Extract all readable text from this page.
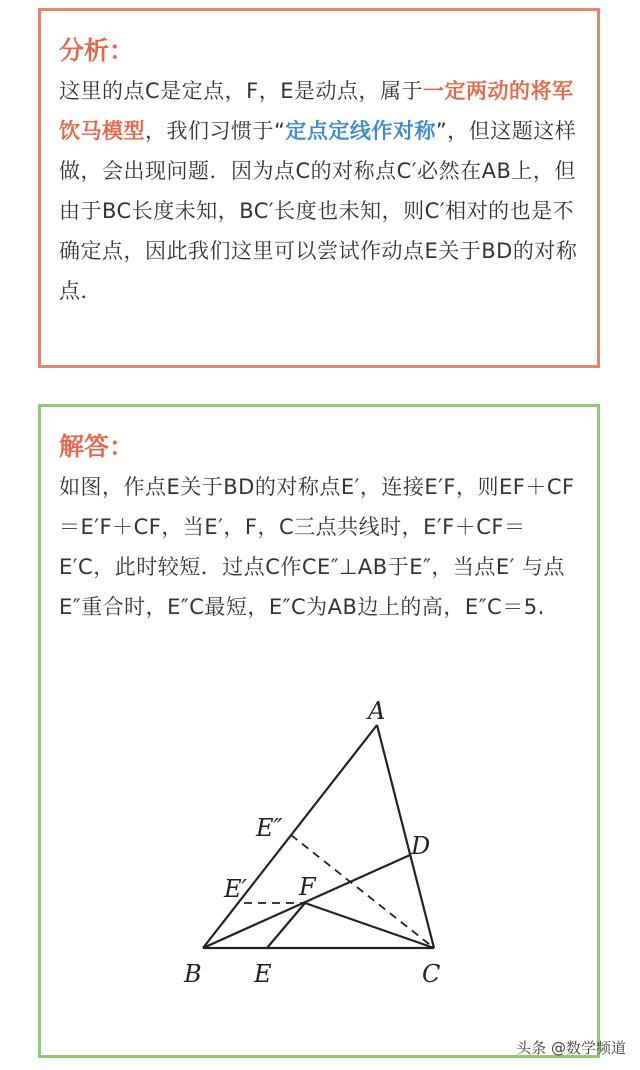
分析：
这里的点C是定点，F，E是动点，属于一定两动的将军饮马模型，我们习惯于“定点定线作对称”，但这题这样做，会出现问题．因为点C的对称点C′必然在AB上，但由于BC长度未知，BC′长度也未知，则C′相对的也是不确定点，因此我们这里可以尝试作动点E关于BD的对称点．
解答：
如图，作点E关于BD的对称点E′，连接E′F，则EF＋CF＝E′F＋CF，当E′，F，C三点共线时，E′F＋CF＝E′C，此时较短．过点C作CE″⊥AB于E″，当点E′ 与点E″重合时，E″C最短，E″C为AB边上的高，E″C＝5.
A
D
E″
E′ F
B E	C
头条 @数学频道
